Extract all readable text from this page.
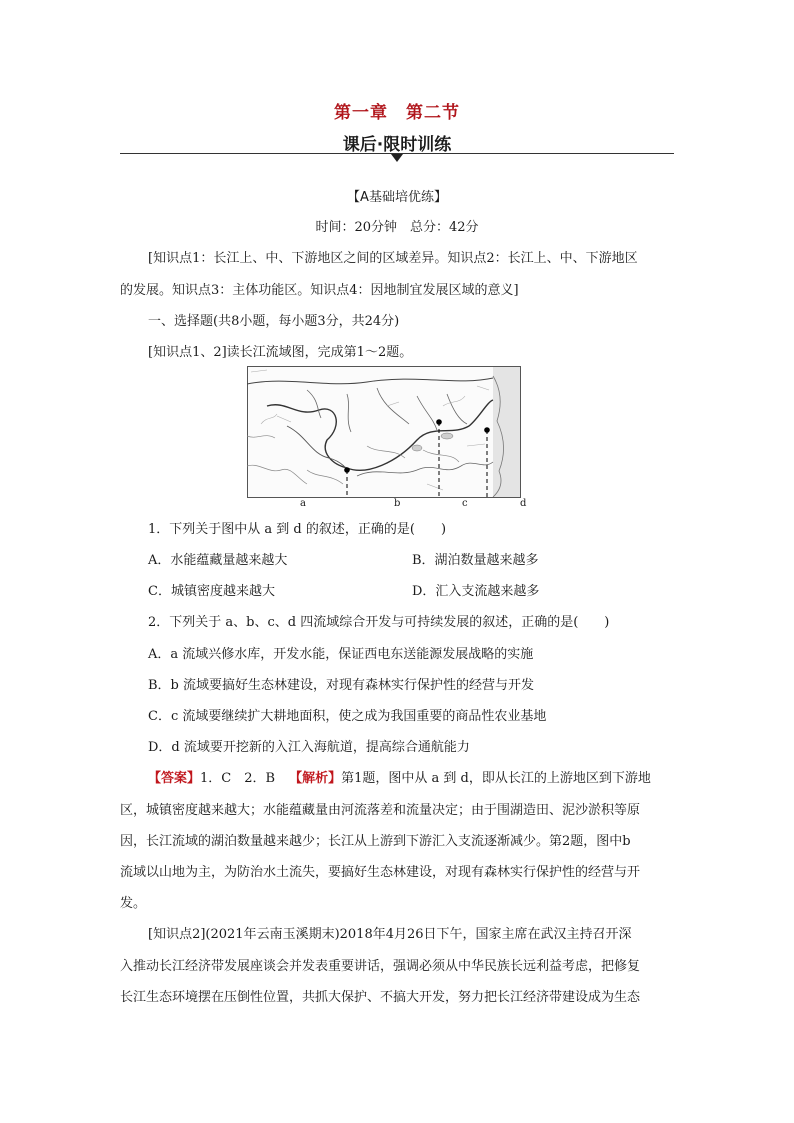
第一章　第二节
课后·限时训练
【A基础培优练】
时间：20分钟　总分：42分
[知识点1：长江上、中、下游地区之间的区域差异。知识点2：长江上、中、下游地区
的发展。知识点3：主体功能区。知识点4：因地制宜发展区域的意义]
一、选择题(共8小题，每小题3分，共24分)
[知识点1、2]读长江流域图，完成第1～2题。
a	b	c	d
1．下列关于图中从 a 到 d 的叙述，正确的是(　　)
A．水能蕴藏量越来越大	B．湖泊数量越来越多
C．城镇密度越来越大	D．汇入支流越来越多
2．下列关于 a、b、c、d 四流域综合开发与可持续发展的叙述，正确的是(　　)
A．a 流域兴修水库，开发水能，保证西电东送能源发展战略的实施
B．b 流域要搞好生态林建设，对现有森林实行保护性的经营与开发
C．c 流域要继续扩大耕地面积，使之成为我国重要的商品性农业基地
D．d 流域要开挖新的入江入海航道，提高综合通航能力
【答案】1．C　2．B 【解析】第1题，图中从 a 到 d，即从长江的上游地区到下游地
区，城镇密度越来越大；水能蕴藏量由河流落差和流量决定；由于围湖造田、泥沙淤积等原
因，长江流域的湖泊数量越来越少；长江从上游到下游汇入支流逐渐减少。第2题，图中b
流域以山地为主，为防治水土流失，要搞好生态林建设，对现有森林实行保护性的经营与开
发。
[知识点2](2021年云南玉溪期末)2018年4月26日下午，国家主席在武汉主持召开深
入推动长江经济带发展座谈会并发表重要讲话，强调必须从中华民族长远利益考虑，把修复
长江生态环境摆在压倒性位置，共抓大保护、不搞大开发，努力把长江经济带建设成为生态
